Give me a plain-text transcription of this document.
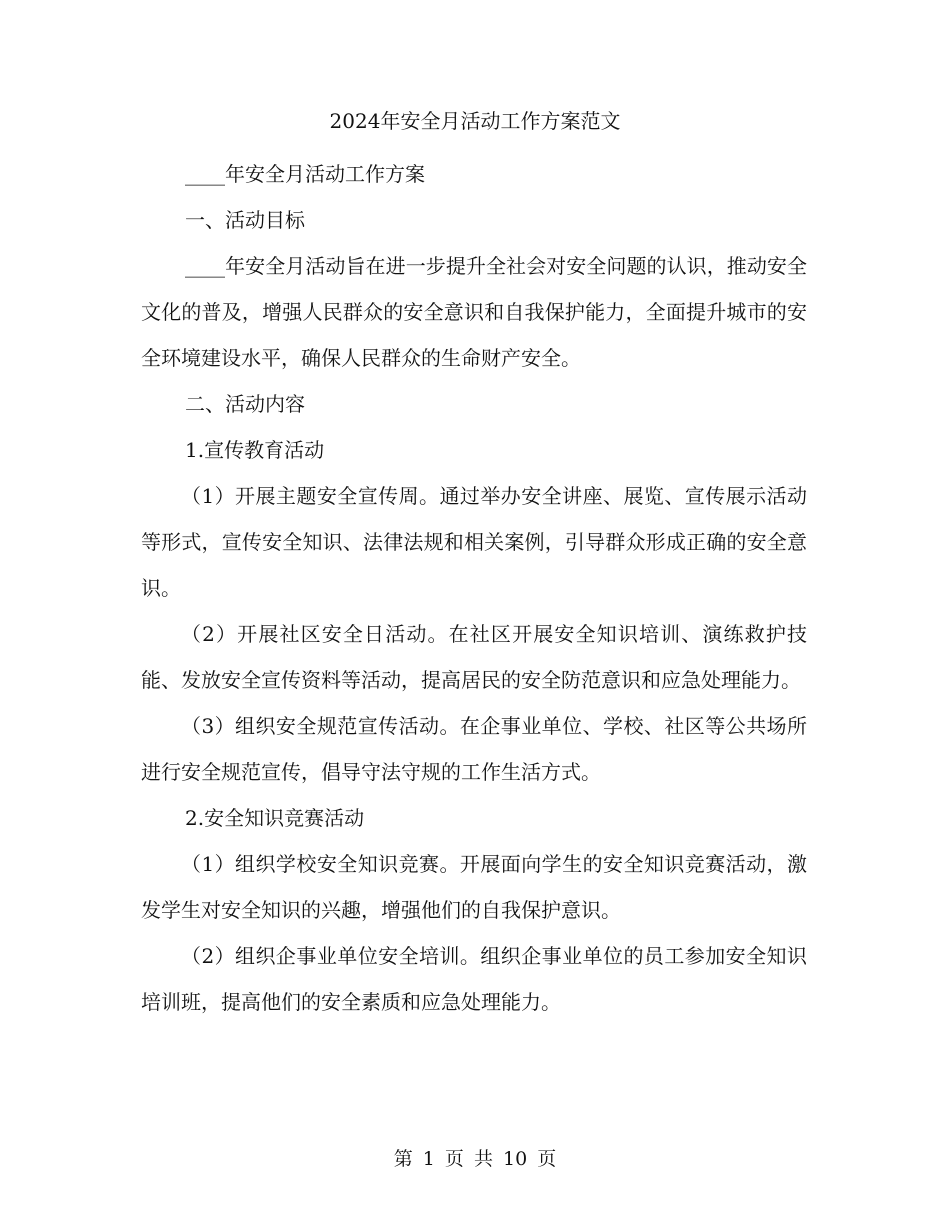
2024年安全月活动工作方案范文

____年安全月活动工作方案

一、活动目标

____年安全月活动旨在进一步提升全社会对安全问题的认识，推动安全文化的普及，增强人民群众的安全意识和自我保护能力，全面提升城市的安全环境建设水平，确保人民群众的生命财产安全。

二、活动内容

1.宣传教育活动

（1）开展主题安全宣传周。通过举办安全讲座、展览、宣传展示活动等形式，宣传安全知识、法律法规和相关案例，引导群众形成正确的安全意识。

（2）开展社区安全日活动。在社区开展安全知识培训、演练救护技能、发放安全宣传资料等活动，提高居民的安全防范意识和应急处理能力。

（3）组织安全规范宣传活动。在企事业单位、学校、社区等公共场所进行安全规范宣传，倡导守法守规的工作生活方式。

2.安全知识竞赛活动

（1）组织学校安全知识竞赛。开展面向学生的安全知识竞赛活动，激发学生对安全知识的兴趣，增强他们的自我保护意识。

（2）组织企事业单位安全培训。组织企事业单位的员工参加安全知识培训班，提高他们的安全素质和应急处理能力。

第 1 页 共 10 页
